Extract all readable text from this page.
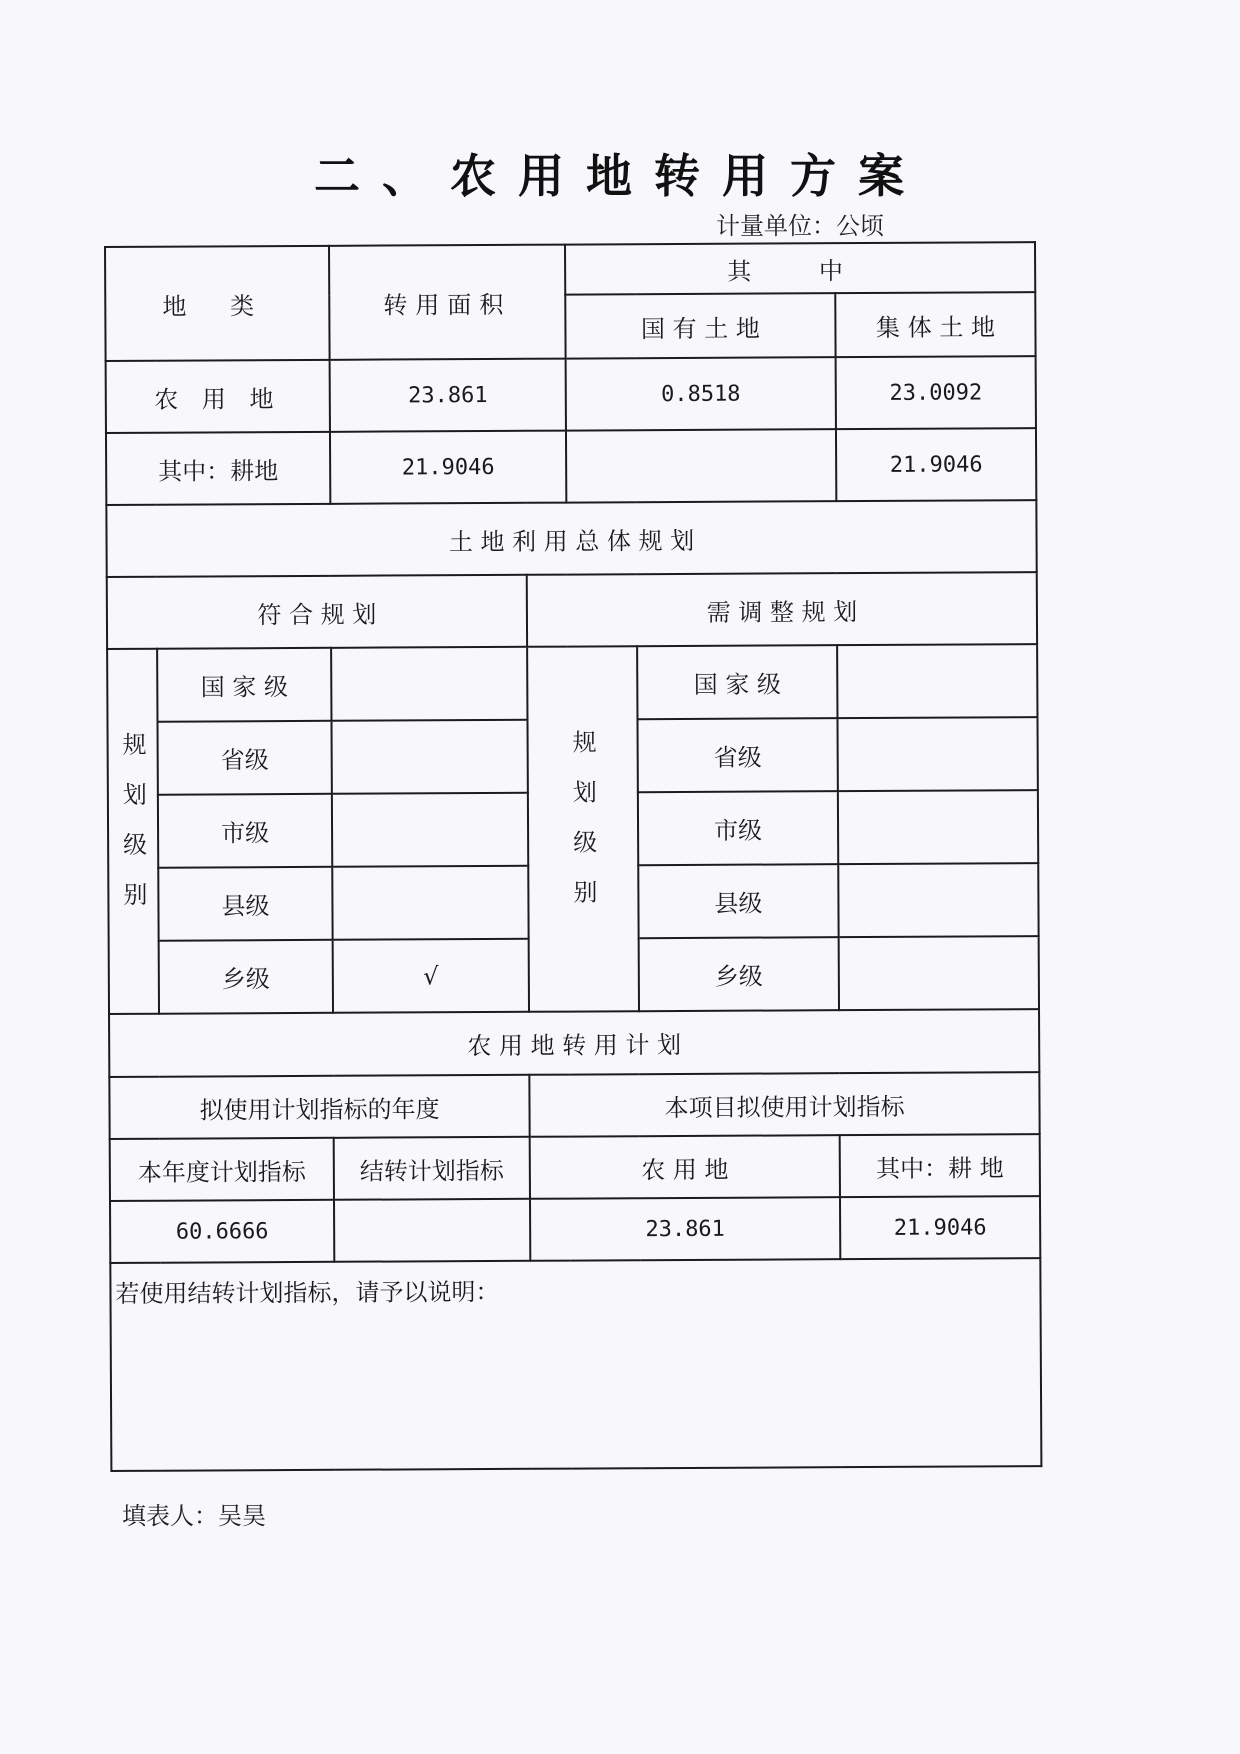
二、农用地转用方案
计量单位：公顷
地 类		转用面积		其 中		
				国 有 土 地		集 体 土 地
农 用 地		23.861		0.8518		23.0092
其中：耕地		21.9046				21.9046
土 地 利 用 总 体 规 划						
符 合 规 划			需 调 整 规 划			

规划级别	国 家 级		规划级别		国 家 级	
	省级				省级	
	市级				市级	
	县级				县级	
	乡级	√			乡级	
农 用 地 转 用 计 划						
拟使用计划指标的年度			本项目拟使用计划指标			
本年度计划指标		结转计划指标	农 用 地			其中：耕 地
60.6666			23.861			21.9046
若使用结转计划指标，请予以说明：						
填表人：吴昊
